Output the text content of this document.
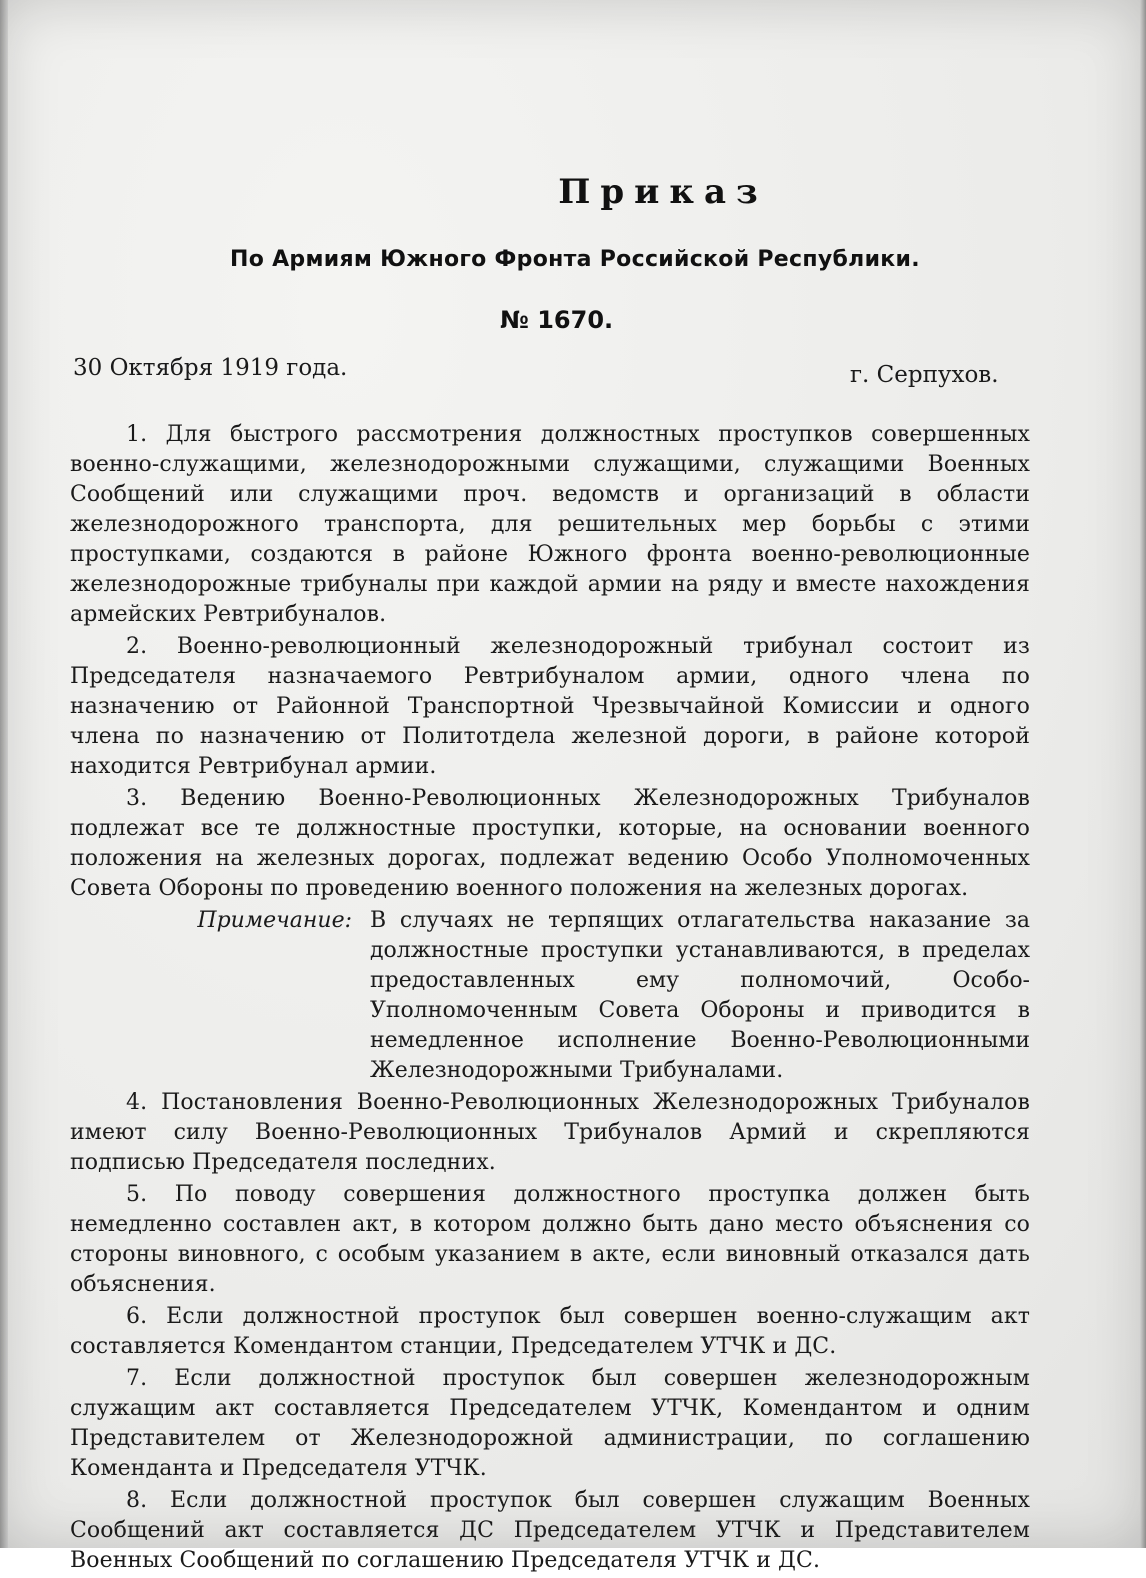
Приказ
По Армиям Южного Фронта Российской Республики.
№ 1670.
30 Октября 1919 года.	г. Серпухов.

1. Для быстрого рассмотрения должностных проступков совершенных военно-служащими, железнодорожными служащими, служащими Военных Сообщений или служащими проч. ведомств и организаций в области железнодорожного транспорта, для решительных мер борьбы с этими проступками, создаются в районе Южного фронта военно-революционные железнодорожные трибуналы при каждой армии на ряду и вместе нахождения армейских Ревтрибуналов.

2. Военно-революционный железнодорожный трибунал состоит из Председателя назначаемого Ревтрибуналом армии, одного члена по назначению от Районной Транспортной Чрезвычайной Комиссии и одного члена по назначению от Политотдела железной дороги, в районе которой находится Ревтрибунал армии.

3. Ведению Военно-Революционных Железнодорожных Трибуналов подлежат все те должностные проступки, которые, на основании военного положения на железных дорогах, подлежат ведению Особо Уполномоченных Совета Обороны по проведению военного положения на железных дорогах.

Примечание: В случаях не терпящих отлагательства наказание за должностные проступки устанавливаются, в пределах предоставленных ему полномочий, Особо-Уполномоченным Совета Обороны и приводится в немедленное исполнение Военно-Революционными Железнодорожными Трибуналами.

4. Постановления Военно-Революционных Железнодорожных Трибуналов имеют силу Военно-Революционных Трибуналов Армий и скрепляются подписью Председателя последних.

5. По поводу совершения должностного проступка должен быть немедленно составлен акт, в котором должно быть дано место объяснения со стороны виновного, с особым указанием в акте, если виновный отказался дать объяснения.

6. Если должностной проступок был совершен военно-служащим акт составляется Комендантом станции, Председателем УТЧК и ДС.

7. Если должностной проступок был совершен железнодорожным служащим акт составляется Председателем УТЧК, Комендантом и одним Представителем от Железнодорожной администрации, по соглашению Коменданта и Председателя УТЧК.

8. Если должностной проступок был совершен служащим Военных Сообщений акт составляется ДС Председателем УТЧК и Представителем Военных Сообщений по соглашению Председателя УТЧК и ДС.
